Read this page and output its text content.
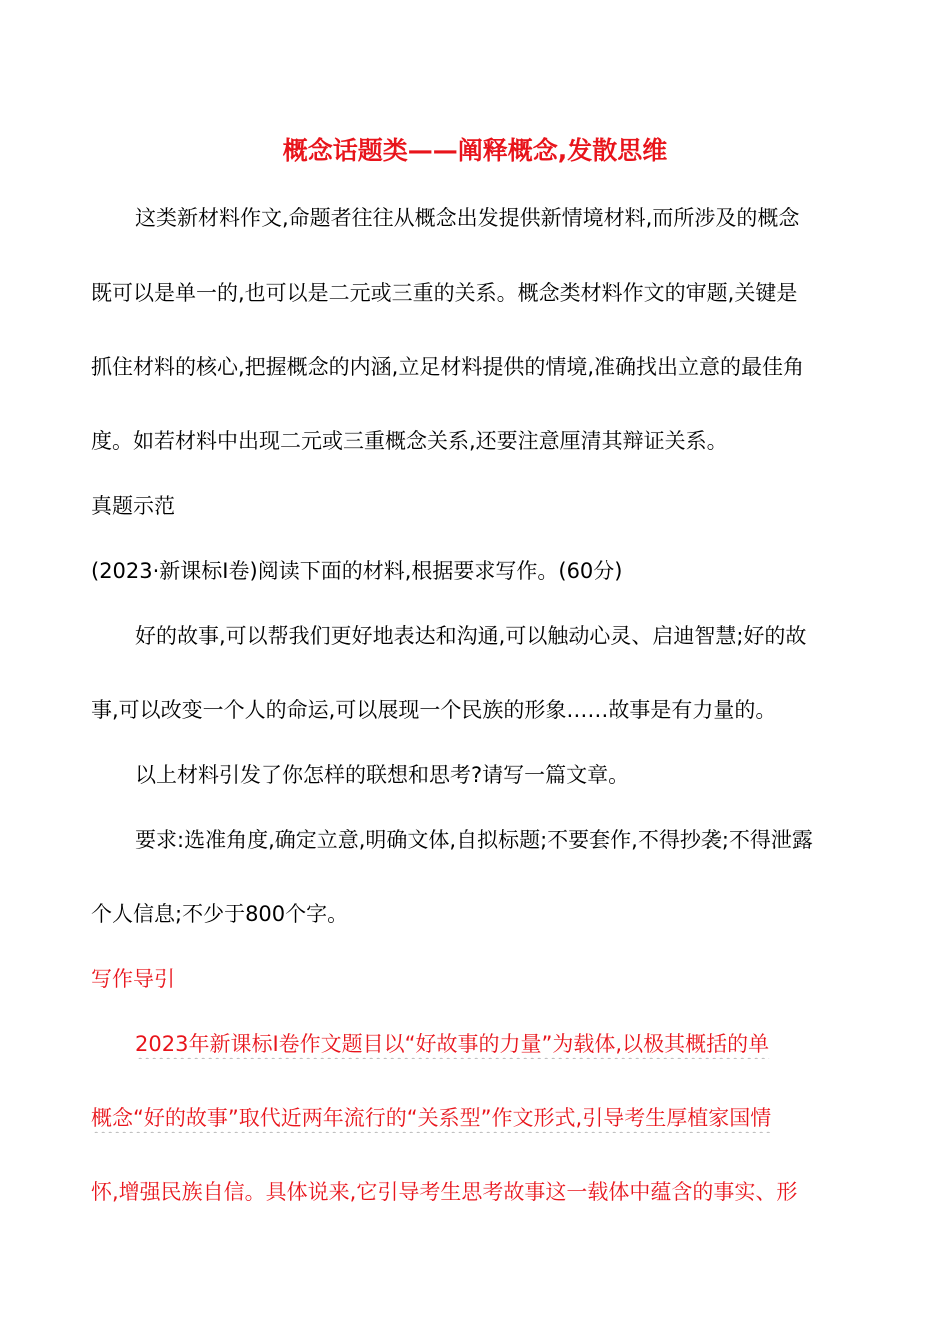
概念话题类——阐释概念,发散思维
这类新材料作文,命题者往往从概念出发提供新情境材料,而所涉及的概念
既可以是单一的,也可以是二元或三重的关系。概念类材料作文的审题,关键是
抓住材料的核心,把握概念的内涵,立足材料提供的情境,准确找出立意的最佳角
度。如若材料中出现二元或三重概念关系,还要注意厘清其辩证关系。
真题示范
(2023·新课标Ⅰ卷)阅读下面的材料,根据要求写作。(60分)
好的故事,可以帮我们更好地表达和沟通,可以触动心灵、启迪智慧;好的故
事,可以改变一个人的命运,可以展现一个民族的形象……故事是有力量的。
以上材料引发了你怎样的联想和思考?请写一篇文章。
要求:选准角度,确定立意,明确文体,自拟标题;不要套作,不得抄袭;不得泄露
个人信息;不少于800个字。
写作导引
2023年新课标Ⅰ卷作文题目以“好故事的力量”为载体,以极其概括的单
概念“好的故事”取代近两年流行的“关系型”作文形式,引导考生厚植家国情
怀,增强民族自信。具体说来,它引导考生思考故事这一载体中蕴含的事实、形
